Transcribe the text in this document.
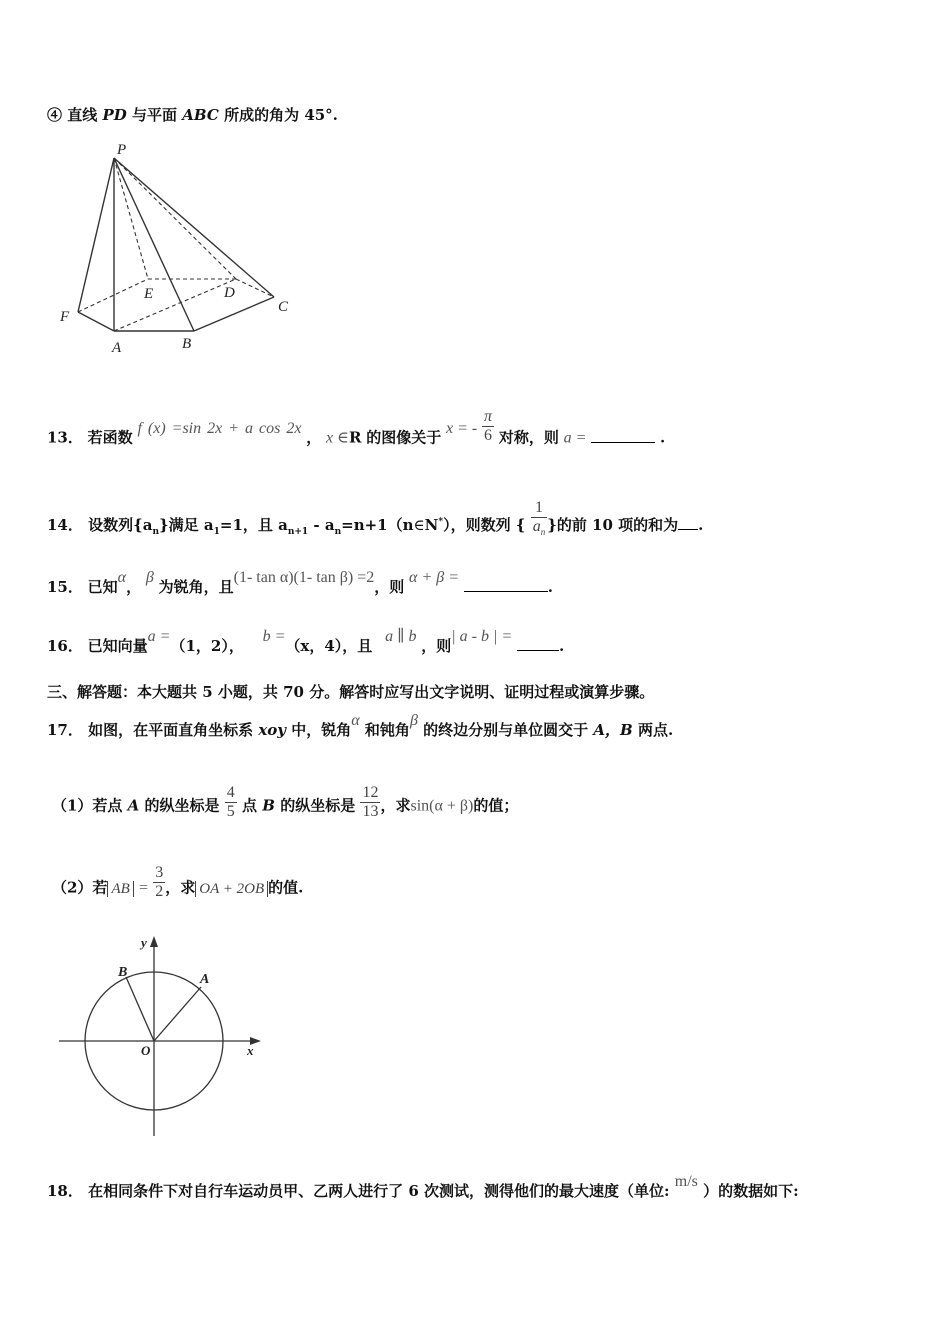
④ 直线 PD 与平面 ABC 所成的角为 45°.
P
E	D
C
F
A	B
13． 若函数 f (x) =sin 2x + a cos 2x ， x ∈R 的图像关于 x = - $\frac{\pi}{6}$ 对称，则 a =	.
14． 设数列$\{a_n\}$满足 $a_1=1$，且 $a_{n+1}$ - $a_n=n+1(n\in N^*)$，则数列 { $\frac{1}{a_n}$ }的前 10 项的和为 .
15． 已知α， β 为锐角，且(1- tan α)(1- tan β) =2，则 α + β = .
16． 已知向量a =（1，2）， b =（x，4），且 a ∥ b ，则| a - b | = .
三、解答题：本大题共 5 小题，共 70 分。解答时应写出文字说明、证明过程或演算步骤。
17． 如图，在平面直角坐标系 xoy 中，锐角α 和钝角β 的终边分别与单位圆交于 A，B 两点.
（1）若点 A 的纵坐标是 $\frac{4}{5}$ 点 B 的纵坐标是 $\frac{12}{13}$ ，求sin(α + β)的值；
（2）若 AB = $\frac{3}{2}$ ，求 OA + 2OB 的值.
y
x
O
A
B
18． 在相同条件下对自行车运动员甲、乙两人进行了 6 次测试，测得他们的最大速度（单位: m/s ）的数据如下:
